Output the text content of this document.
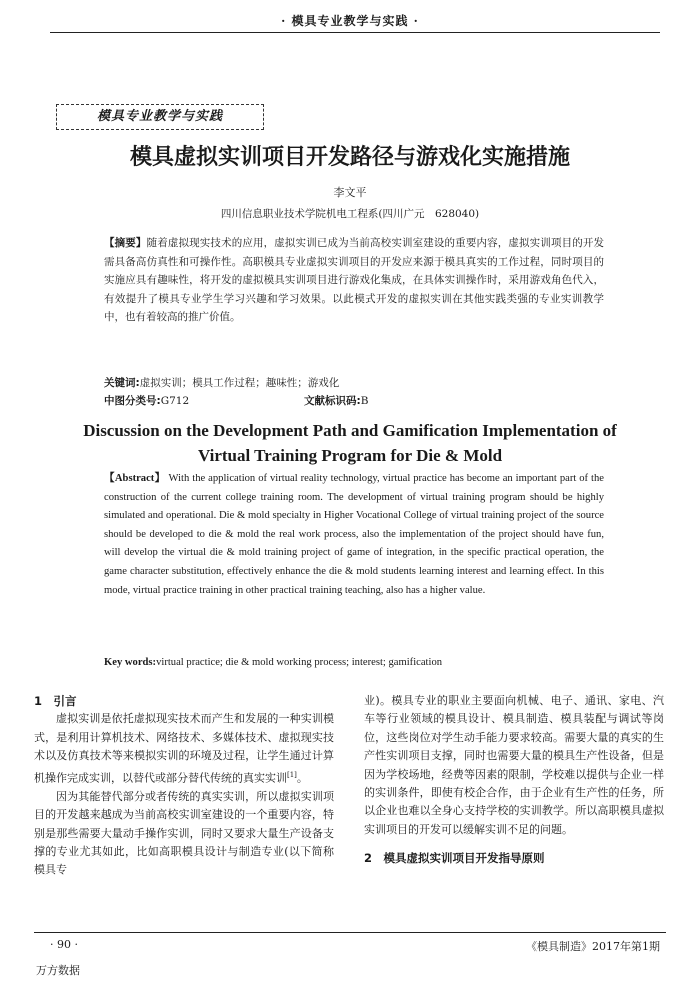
· 模具专业教学与实践 ·
模具专业教学与实践
模具虚拟实训项目开发路径与游戏化实施措施
李文平
四川信息职业技术学院机电工程系(四川广元　628040)
【摘要】随着虚拟现实技术的应用，虚拟实训已成为当前高校实训室建设的重要内容，虚拟实训项目的开发需具备高仿真性和可操作性。高职模具专业虚拟实训项目的开发应来源于模具真实的工作过程，同时项目的实施应具有趣味性，将开发的虚拟模具实训项目进行游戏化集成，在具体实训操作时，采用游戏角色代入，有效提升了模具专业学生学习兴趣和学习效果。以此模式开发的虚拟实训在其他实践类强的专业实训教学中，也有着较高的推广价值。
关键词:虚拟实训；模具工作过程；趣味性；游戏化
中图分类号:G712	文献标识码:B
Discussion on the Development Path and Gamification Implementation of Virtual Training Program for Die & Mold
【Abstract】 With the application of virtual reality technology, virtual practice has become an important part of the construction of the current college training room. The development of virtual training program should be highly simulated and operational. Die & mold specialty in Higher Vocational College of virtual training project of the source should be developed to die & mold the real work process, also the implementation of the project should have fun, will develop the virtual die & mold training project of game of integration, in the specific practical operation, the game character substitution, effectively enhance the die & mold students learning interest and learning effect. In this mode, virtual practice training in other practical training teaching, also has a higher value.
Key words:virtual practice; die & mold working process; interest; gamification
1　引言

虚拟实训是依托虚拟现实技术而产生和发展的一种实训模式，是利用计算机技术、网络技术、多媒体技术、虚拟现实技术以及仿真技术等来模拟实训的环境及过程，让学生通过计算机操作完成实训，以替代或部分替代传统的真实实训[1]。

因为其能替代部分或者传统的真实实训，所以虚拟实训项目的开发越来越成为当前高校实训室建设的一个重要内容，特别是那些需要大量动手操作实训，同时又要求大量生产设备支撑的专业尤其如此，比如高职模具设计与制造专业(以下简称模具专

业)。模具专业的职业主要面向机械、电子、通讯、家电、汽车等行业领域的模具设计、模具制造、模具装配与调试等岗位，这些岗位对学生动手能力要求较高。需要大量的真实的生产性实训项目支撑，同时也需要大量的模具生产性设备，但是因为学校场地，经费等因素的限制，学校难以提供与企业一样的实训条件，即使有校企合作，由于企业有生产性的任务，所以企业也难以全身心支持学校的实训教学。所以高职模具虚拟实训项目的开发可以缓解实训不足的问题。

2　模具虚拟实训项目开发指导原则
· 90 ·	《模具制造》2017年第1期
万方数据
